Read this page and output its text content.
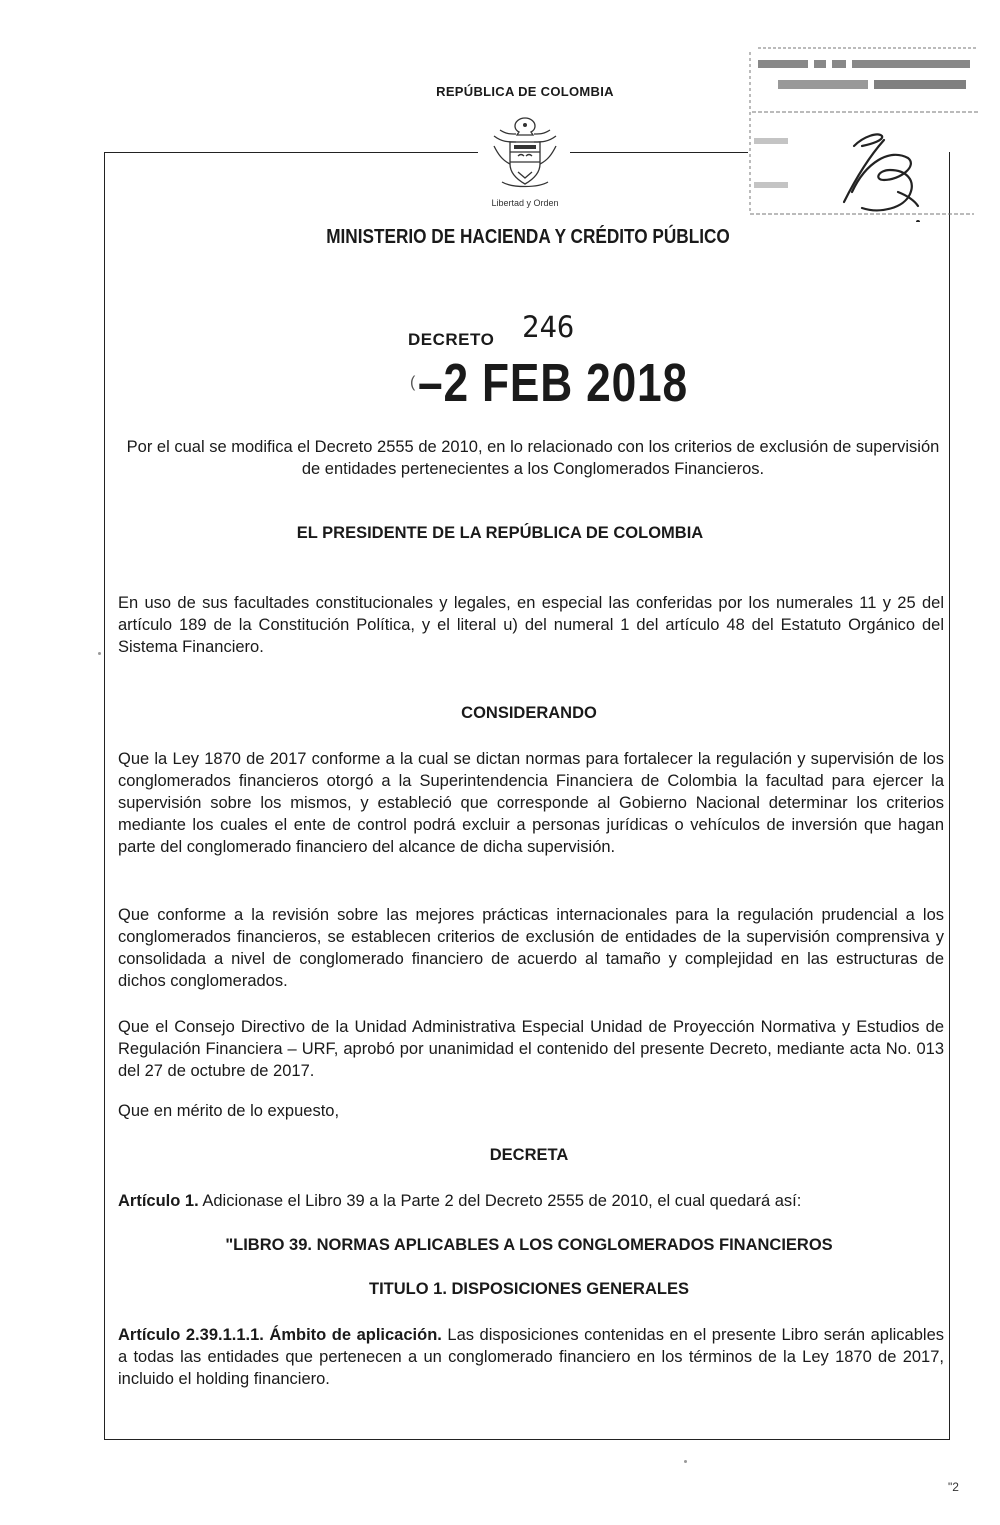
REPÚBLICA DE COLOMBIA
Libertad y Orden
MINISTERIO DE HACIENDA Y CRÉDITO PÚBLICO
DECRETO 246
( –2 FEB 2018
Por el cual se modifica el Decreto 2555 de 2010, en lo relacionado con los criterios de exclusión de supervisión de entidades pertenecientes a los Conglomerados Financieros.
EL PRESIDENTE DE LA REPÚBLICA DE COLOMBIA
En uso de sus facultades constitucionales y legales, en especial las conferidas por los numerales 11 y 25 del artículo 189 de la Constitución Política, y el literal u) del numeral 1 del artículo 48 del Estatuto Orgánico del Sistema Financiero.
CONSIDERANDO
Que la Ley 1870 de 2017 conforme a la cual se dictan normas para fortalecer la regulación y supervisión de los conglomerados financieros otorgó a la Superintendencia Financiera de Colombia la facultad para ejercer la supervisión sobre los mismos, y estableció que corresponde al Gobierno Nacional determinar los criterios mediante los cuales el ente de control podrá excluir a personas jurídicas o vehículos de inversión que hagan parte del conglomerado financiero del alcance de dicha supervisión.
Que conforme a la revisión sobre las mejores prácticas internacionales para la regulación prudencial a los conglomerados financieros, se establecen criterios de exclusión de entidades de la supervisión comprensiva y consolidada a nivel de conglomerado financiero de acuerdo al tamaño y complejidad en las estructuras de dichos conglomerados.
Que el Consejo Directivo de la Unidad Administrativa Especial Unidad de Proyección Normativa y Estudios de Regulación Financiera – URF, aprobó por unanimidad el contenido del presente Decreto, mediante acta No. 013 del 27 de octubre de 2017.
Que en mérito de lo expuesto,
DECRETA
Artículo 1. Adicionase el Libro 39 a la Parte 2 del Decreto 2555 de 2010, el cual quedará así:
"LIBRO 39. NORMAS APLICABLES A LOS CONGLOMERADOS FINANCIEROS
TITULO 1. DISPOSICIONES GENERALES
Artículo 2.39.1.1.1. Ámbito de aplicación. Las disposiciones contenidas en el presente Libro serán aplicables a todas las entidades que pertenecen a un conglomerado financiero en los términos de la Ley 1870 de 2017, incluido el holding financiero.
"2
